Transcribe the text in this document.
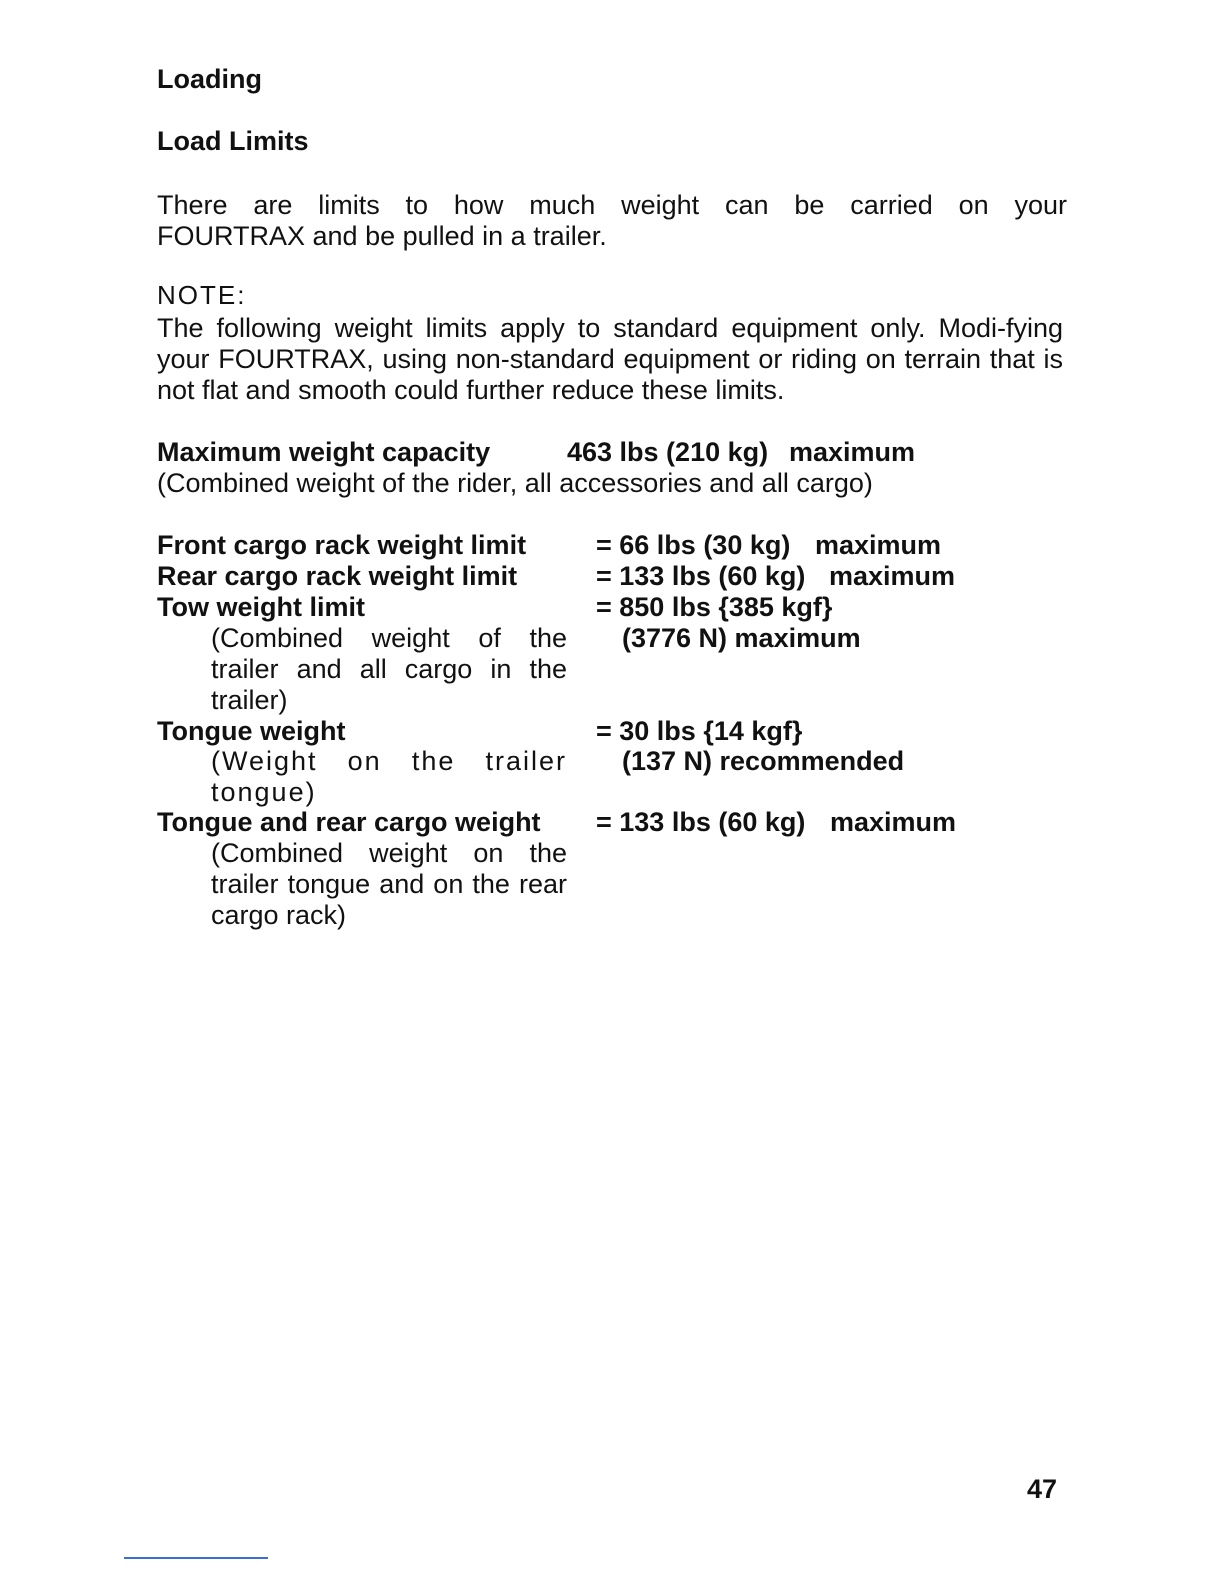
Loading
Load Limits
There are limits to how much weight can be carried on your
FOURTRAX and be pulled in a trailer.
NOTE:
The following weight limits apply to standard equipment only. Modi-fying your FOURTRAX, using non-standard equipment or riding on terrain that is not flat and smooth could further reduce these limits.
Maximum weight capacity	463 lbs (210 kg) maximum
(Combined weight of the rider, all accessories and all cargo)
Front cargo rack weight limit	= 66 lbs (30 kg) maximum
Rear cargo rack weight limit	= 133 lbs (60 kg) maximum
Tow weight limit	= 850 lbs {385 kgf}
(3776 N) maximum
(Combined weight of the trailer and all cargo in the trailer)
Tongue weight	= 30 lbs {14 kgf}
(137 N) recommended
(Weight on the trailer tongue)
Tongue and rear cargo weight = 133 lbs (60 kg) maximum
(Combined weight on the trailer tongue and on the rear cargo rack)
47
